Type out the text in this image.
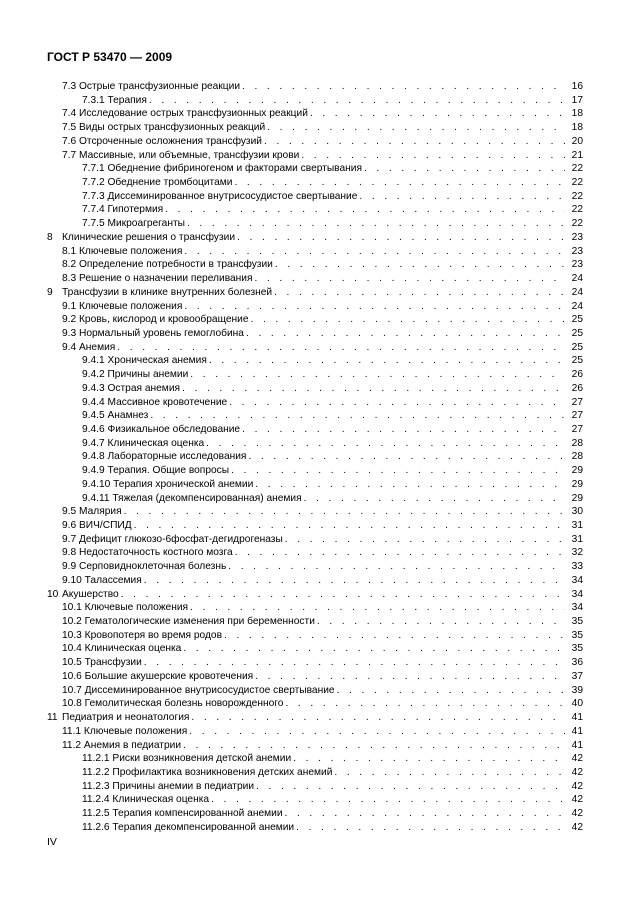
ГОСТ Р 53470 — 2009
7.3 Острые трансфузионные реакции . . .	16
7.3.1 Терапия . . .	17
7.4 Исследование острых трансфузионных реакций . . .	18
7.5 Виды острых трансфузионных реакций . . .	18
7.6 Отсроченные осложнения трансфузий . . .	20
7.7 Массивные, или объемные, трансфузии крови . . .	21
7.7.1 Обеднение фибриногеном и факторами свертывания . . .	22
7.7.2 Обеднение тромбоцитами . . .	22
7.7.3 Диссеминированное внутрисосудистое свертывание . . .	22
7.7.4 Гипотермия . . .	22
7.7.5 Микроагреганты . . .	22
8 Клинические решения о трансфузии . . .	23
8.1 Ключевые положения . . .	23
8.2 Определение потребности в трансфузии . . .	23
8.3 Решение о назначении переливания . . .	24
9 Трансфузии в клинике внутренних болезней . . .	24
9.1 Ключевые положения . . .	24
9.2 Кровь, кислород и кровообращение . . .	25
9.3 Нормальный уровень гемоглобина . . .	25
9.4 Анемия . . .	25
9.4.1 Хроническая анемия . . .	25
9.4.2 Причины анемии . . .	26
9.4.3 Острая анемия . . .	26
9.4.4 Массивное кровотечение . . .	27
9.4.5 Анамнез . . .	27
9.4.6 Физикальное обследование . . .	27
9.4.7 Клиническая оценка . . .	28
9.4.8 Лабораторные исследования . . .	28
9.4.9 Терапия. Общие вопросы . . .	29
9.4.10 Терапия хронической анемии . . .	29
9.4.11 Тяжелая (декомпенсированная) анемия . . .	29
9.5 Малярия . . .	30
9.6 ВИЧ/СПИД . . .	31
9.7 Дефицит глюкозо-6фосфат-дегидрогеназы . . .	31
9.8 Недостаточность костного мозга . . .	32
9.9 Серповидноклеточная болезнь . . .	33
9.10 Талассемия . . .	34
10 Акушерство . . .	34
10.1 Ключевые положения . . .	34
10.2 Гематологические изменения при беременности . . .	35
10.3 Кровопотеря во время родов . . .	35
10.4 Клиническая оценка . . .	35
10.5 Трансфузии . . .	36
10.6 Большие акушерские кровотечения . . .	37
10.7 Диссеминированное внутрисосудистое свертывание . . .	39
10.8 Гемолитическая болезнь новорожденного . . .	40
11 Педиатрия и неонатология . . .	41
11.1 Ключевые положения . . .	41
11.2 Анемия в педиатрии . . .	41
11.2.1 Риски возникновения детской анемии . . .	42
11.2.2 Профилактика возникновения детских анемий . . .	42
11.2.3 Причины анемии в педиатрии . . .	42
11.2.4 Клиническая оценка . . .	42
11.2.5 Терапия компенсированной анемии . . .	42
11.2.6 Терапия декомпенсированной анемии . . .	42
IV
